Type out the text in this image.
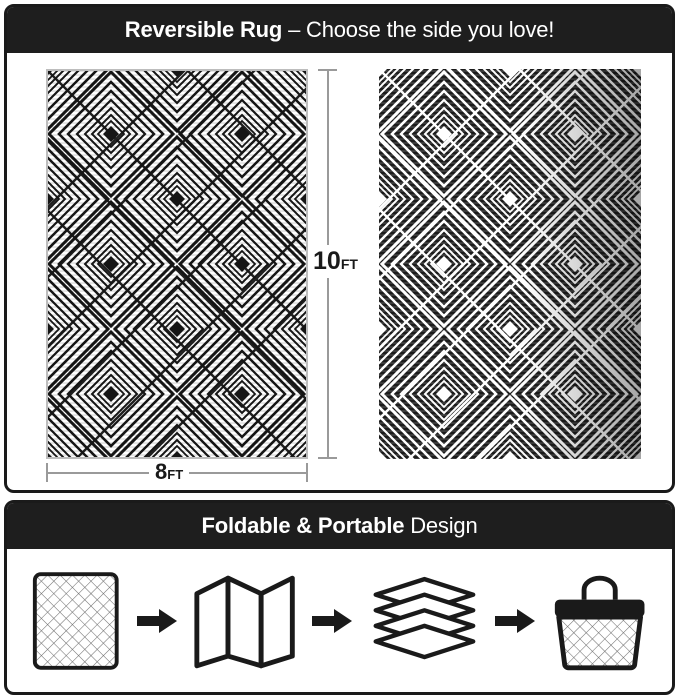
Reversible Rug – Choose the side you love!
10FT
8FT
Foldable & Portable Design
